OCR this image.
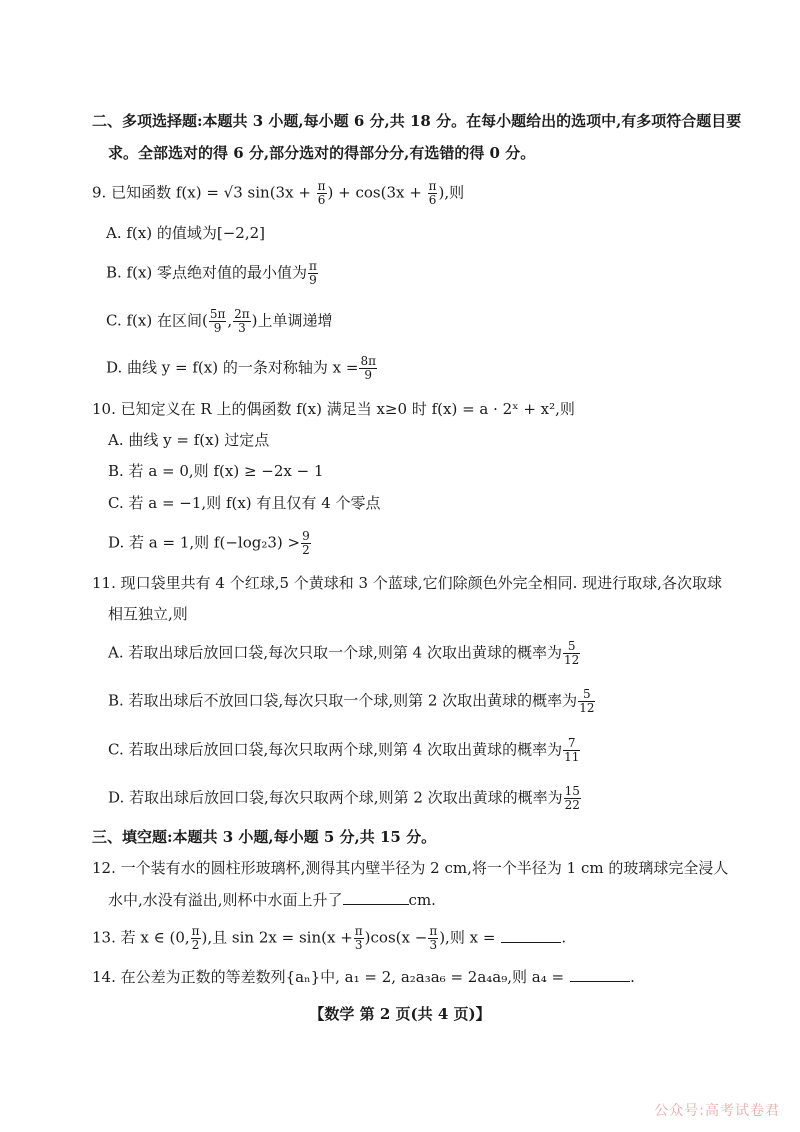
二、多项选择题:本题共 3 小题,每小题 6 分,共 18 分。在每小题给出的选项中,有多项符合题目要
求。全部选对的得 6 分,部分选对的得部分分,有选错的得 0 分。
9. 已知函数 f(x) = √3 $\sin(3x + \frac{\pi}{6}$ ) + $\cos(3x + \frac{\pi}{6}$ ),则
A. f(x) 的值域为[−2,2]
B. f(x) 零点绝对值的最小值为 $\frac{\pi}{9}$
C. f(x) 在区间( $\frac{5\pi}{9}$ , $\frac{2\pi}{3}$ )上单调递增
D. 曲线 y = f(x) 的一条对称轴为 $x = \frac{8\pi}{9}$
10. 已知定义在 R 上的偶函数 f(x) 满足当 x≥0 时 f(x) = a · 2ˣ + x²,则
A. 曲线 y = f(x) 过定点
B. 若 a = 0,则 f(x) ≥ −2x − 1
C. 若 a = −1,则 f(x) 有且仅有 4 个零点
D. 若 a = 1,则 $f(-\log_23) > \frac{9}{2}$
11. 现口袋里共有 4 个红球,5 个黄球和 3 个蓝球,它们除颜色外完全相同. 现进行取球,各次取球
相互独立,则
A. 若取出球后放回口袋,每次只取一个球,则第 4 次取出黄球的概率为 $\frac{5}{12}$
B. 若取出球后不放回口袋,每次只取一个球,则第 2 次取出黄球的概率为 $\frac{5}{12}$
C. 若取出球后放回口袋,每次只取两个球,则第 4 次取出黄球的概率为 $\frac{7}{11}$
D. 若取出球后放回口袋,每次只取两个球,则第 2 次取出黄球的概率为 $\frac{15}{22}$
三、填空题:本题共 3 小题,每小题 5 分,共 15 分。
12. 一个装有水的圆柱形玻璃杯,测得其内壁半径为 2 cm,将一个半径为 1 cm 的玻璃球完全浸人
水中,水没有溢出,则杯中水面上升了	cm.
13. 若 x ∈ (0, $\frac{\pi}{2}$ ),且 $\sin 2x = \sin(x + \frac{\pi}{3} )\cos(x - \frac{\pi}{3}$ ),则 x =	.
14. 在公差为正数的等差数列{aₙ}中, a₁ = 2, a₂a₃a₆ = 2a₄a₉,则 a₄ =	.
【数学 第 2 页(共 4 页)】
公众号:高考试卷君
